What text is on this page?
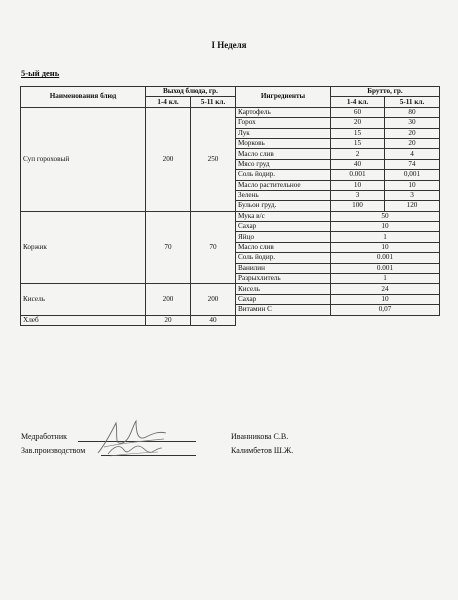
I Неделя
5-ый день
Наименования блюд	Выход блюда, гр.		Ингредиенты	Брутто, гр.	
	1-4 кл.	5-11 кл.		1-4 кл.	5-11 кл.
Суп гороховый	200	250	Картофель	60	80
			Горох	20	30
			Лук	15	20
			Морковь	15	20
			Масло слив	2	4
			Мясо груд	40	74
			Соль йодир.	0.001	0,001
			Масло растительное	10	10
			Зелень	3	3
			Бульон груд.	100	120
Коржик	70	70	Мука в/с	50	
			Сахар	10	
			Яйцо	1	
			Масло слив	10	
			Соль йодир.	0.001	
			Ванилин	0.001	
			Разрыхлитель	1	
Кисель	200	200	Кисель	24	
			Сахар	10	
			Витамин С	0,07	
Хлеб	20	40			
Медработник	Иванникова С.В.
Зав.производством	Калимбетов Ш.Ж.
